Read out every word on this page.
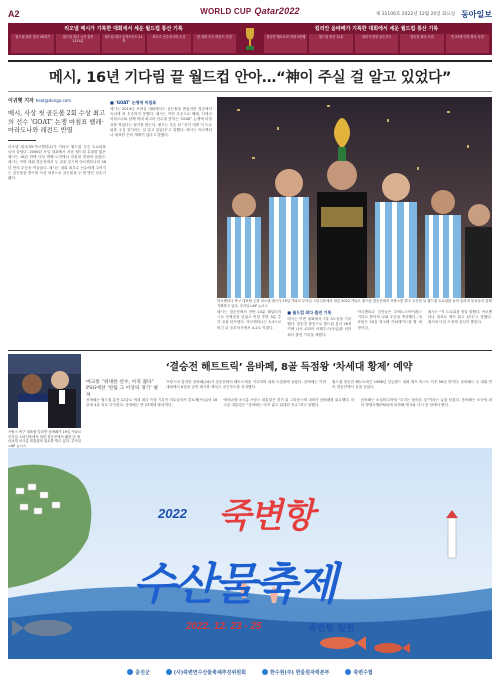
A2	WORLD CUP Qatar2022	제 31106호 2022년 12월 20일 화요일 동아일보
리오넬 메시가 기록한 대회에서 세운 월드컵 통산 기록
월드컵 최다 출전 26경기	월드컵 최다 시간 출전 2314분
월드컵 최다 공격포인트 21개
최우수 선수상 2회 수상	한 대회 모든 라운드 득점
킬리안 음바페가 기록한 대회에서 세운 월드컵 통산 기록
결승전 해트트릭 역대 2번째	월드컵 통산 12골	대회 득점왕 골든부트	결승전 최다 득점	만 23세 이하 최다 득점
메시, 16년 기다림 끝 월드컵 안아…“神이 주실 걸 알고 있었다”
이귀햇 기자 heat@donga.com
메시, 사상 첫 골든볼 2회 수상 최고의 선수 ‘GOAT’ 논쟁 마침표 펠레·마라도나와 레전드 반열
리오넬 메시(35·아르헨티나)가 카타르 월드컵 우승 트로피를 들어 올렸다. 2006년 독일 대회에서 처음 월드컵 무대를 밟은 메시는 16년 만에 다섯 번째 도전에서 마침내 정상에 올랐다. 메시는 이번 대회 결승전에서 두 골을 넣으며 아르헨티나의 36년 만의 우승을 이끌었다. 메시는 대회 최우수 선수에게 주어지는 골든볼을 받으며 사상 처음으로 골든볼을 두 번 받은 선수가 됐다.
■ ‘GOAT’ 논쟁에 마침표
메시는 2014년 브라질 대회에서도 골든볼을 받았지만 결승에서 독일에 져 우승하지 못했다. 메시는 이번 우승으로 펠레, 디에고 마라도나와 함께 역대 최고의 선수를 뜻하는 ‘GOAT’ 논쟁에 마침표를 찍었다는 평가를 받는다. 메시는 우승 뒤 “신이 내게 이 트로피를 주실 것이라는 걸 알고 있었다”고 말했다. 메시는 아르헨티나 대표팀 은퇴 계획이 없다고 밝혔다.
아르헨티나 축구 대표팀 주장 리오넬 메시가 19일 카타르 루사일 스타디움에서 열린 2022 카타르 월드컵 결승전에서 프랑스를 꺾고 우승한 뒤 월드컵 트로피를 들어 올리며 동료들과 함께 기뻐하고 있다. 루사일=AP 뉴시스
메시는 결승전에서 전반 23분 페널티킥으로 선제골을 넣었고 연장 후반 3분 추가 골을 터뜨렸다. 아르헨티나는 3-3으로 비긴 뒤 승부차기에서 4-2로 이겼다.
■ 월드컵 최다 출전 기록
메시는 이번 대회에서 7골 3도움을 기록했다. 결승전 출전으로 월드컵 통산 26경기에 나서 로타어 마테우스(독일)를 넘어 최다 출전 기록을 세웠다.
아르헨티나 국민들은 부에노스아이레스 거리로 쏟아져 나와 우승을 축하했다. 대표팀은 20일 귀국해 카퍼레이드를 할 예정이다.
메시는 “이 트로피를 정말 원했다. 아르헨티나 대표로 계속 뛰고 싶다”고 말했다. 메시의 다음 도전에 관심이 쏠린다.
프랑스 축구 대표팀 킬리안 음바페가 19일 카타르 루사일 스타디움에서 열린 결승전에서 패한 뒤 에마뉘엘 마크롱 대통령의 위로를 받고 있다. 루사일=AP 뉴시스
‘결승전 해트트릭’ 음바페, 8골 득점왕 ‘차세대 황제’ 예약
마크롱 “위대한 선수, 아직 젊다” PSG에선 ‘한팀 그 이상의 경기’ 펼쳐
프랑스의 킬리안 음바페(24)가 결승전에서 해트트릭을 기록하며 대회 득점왕에 올랐다. 음바페는 이번 대회에서 8골을 넣어 메시를 제치고 골든부트를 차지했다.
월드컵 결승전 해트트릭은 1966년 잉글랜드 대회 제프 허스트 이후 56년 만이다. 음바페는 두 대회 연속 결승전에서 골을 넣었다.
음바페는 월드컵 통산 12골로 역대 최다 득점 기록인 미로슬라프 클로제(독일)의 16골에 4골 차로 다가섰다. 음바페는 만 23세에 불과하다.
에마뉘엘 마크롱 프랑스 대통령은 경기 뒤 그라운드에 내려가 음바페를 위로했다. 마크롱 대통령은 “음바페는 아직 젊고 위대한 선수”라고 말했다.
음바페는 소셜미디어에 “우리는 돌아올 것”이라는 글을 남겼다. 음바페는 소속팀 파리 생제르맹(PSG)에 복귀해 메시와 다시 한 팀에서 뛴다.
2022 죽변항
수산물축제
2022. 12. 23 - 25	죽변항 일원
울진군	(사)죽변면수산물축제추진위원회	한수원(주) 한울원자력본부	죽변수협
